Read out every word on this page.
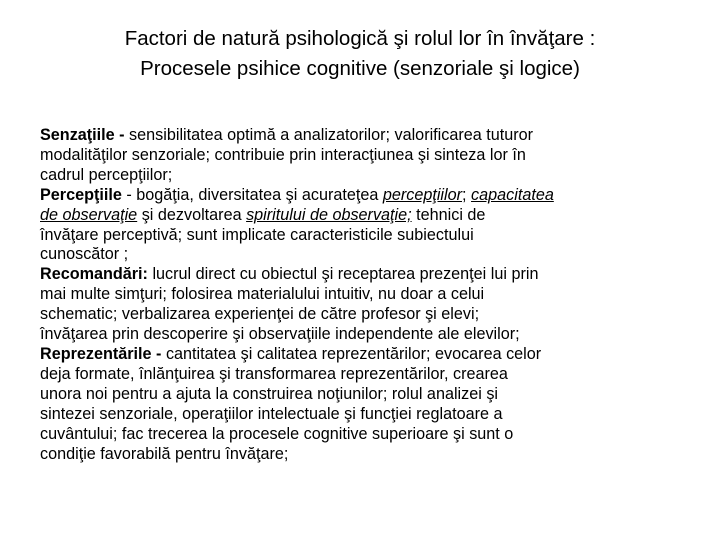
Factori de natură psihologică şi rolul lor în învăţare :
Procesele psihice cognitive (senzoriale şi logice)

Senzaţiile - sensibilitatea optimă a analizatorilor; valorificarea tuturor
modalităţilor senzoriale; contribuie prin interacţiunea şi sinteza lor în
cadrul percepţiilor;

Percepţiile - bogăţia, diversitatea şi acurateţea percepţiilor; capacitatea
de observaţie şi dezvoltarea spiritului de observaţie; tehnici de
învăţare perceptivă; sunt implicate caracteristicile subiectului
cunoscător ;

Recomandări: lucrul direct cu obiectul şi receptarea prezenţei lui prin
mai multe simţuri; folosirea materialului intuitiv, nu doar a celui
schematic; verbalizarea experienţei de către profesor şi elevi;
învăţarea prin descoperire şi observaţiile independente ale elevilor;

Reprezentările - cantitatea şi calitatea reprezentărilor; evocarea celor
deja formate, înlănţuirea şi transformarea reprezentărilor, crearea
unora noi pentru a ajuta la construirea noţiunilor; rolul analizei şi
sintezei senzoriale, operaţiilor intelectuale şi funcţiei reglatoare a
cuvântului; fac trecerea la procesele cognitive superioare şi sunt o
condiţie favorabilă pentru învăţare;
